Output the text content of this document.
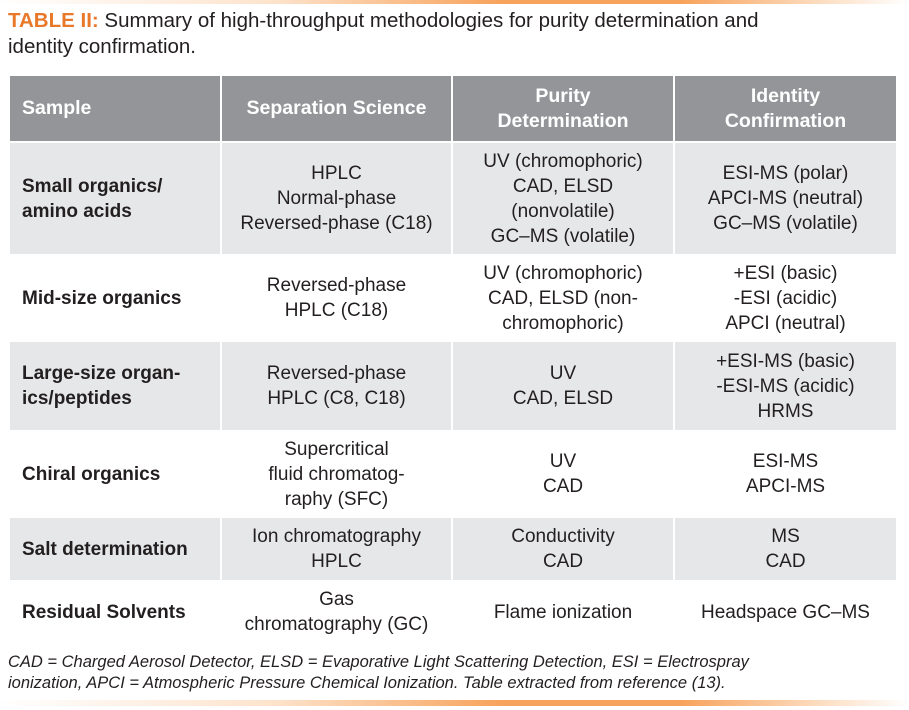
TABLE II: Summary of high-throughput methodologies for purity determination and
identity confirmation.
Sample	Separation Science	Purity
Determination	Identity
Confirmation

Small organics/
amino acids	HPLC
Normal-phase
Reversed-phase (C18)	UV (chromophoric)
CAD, ELSD
(nonvolatile)
GC–MS (volatile)	ESI-MS (polar)
APCI-MS (neutral)
GC–MS (volatile)

Mid-size organics	Reversed-phase
HPLC (C18)	UV (chromophoric)
CAD, ELSD (non-
chromophoric)	+ESI (basic)
-ESI (acidic)
APCI (neutral)

Large-size organ-
ics/peptides	Reversed-phase
HPLC (C8, C18)	UV
CAD, ELSD	+ESI-MS (basic)
-ESI-MS (acidic)
HRMS

Chiral organics	Supercritical
fluid chromatog-
raphy (SFC)	UV
CAD	ESI-MS
APCI-MS

Salt determination	Ion chromatography
HPLC	Conductivity
CAD	MS
CAD

Residual Solvents	Gas
chromatography (GC)	Flame ionization	Headspace GC–MS
CAD = Charged Aerosol Detector, ELSD = Evaporative Light Scattering Detection, ESI = Electrospray
ionization, APCI = Atmospheric Pressure Chemical Ionization. Table extracted from reference (13).
